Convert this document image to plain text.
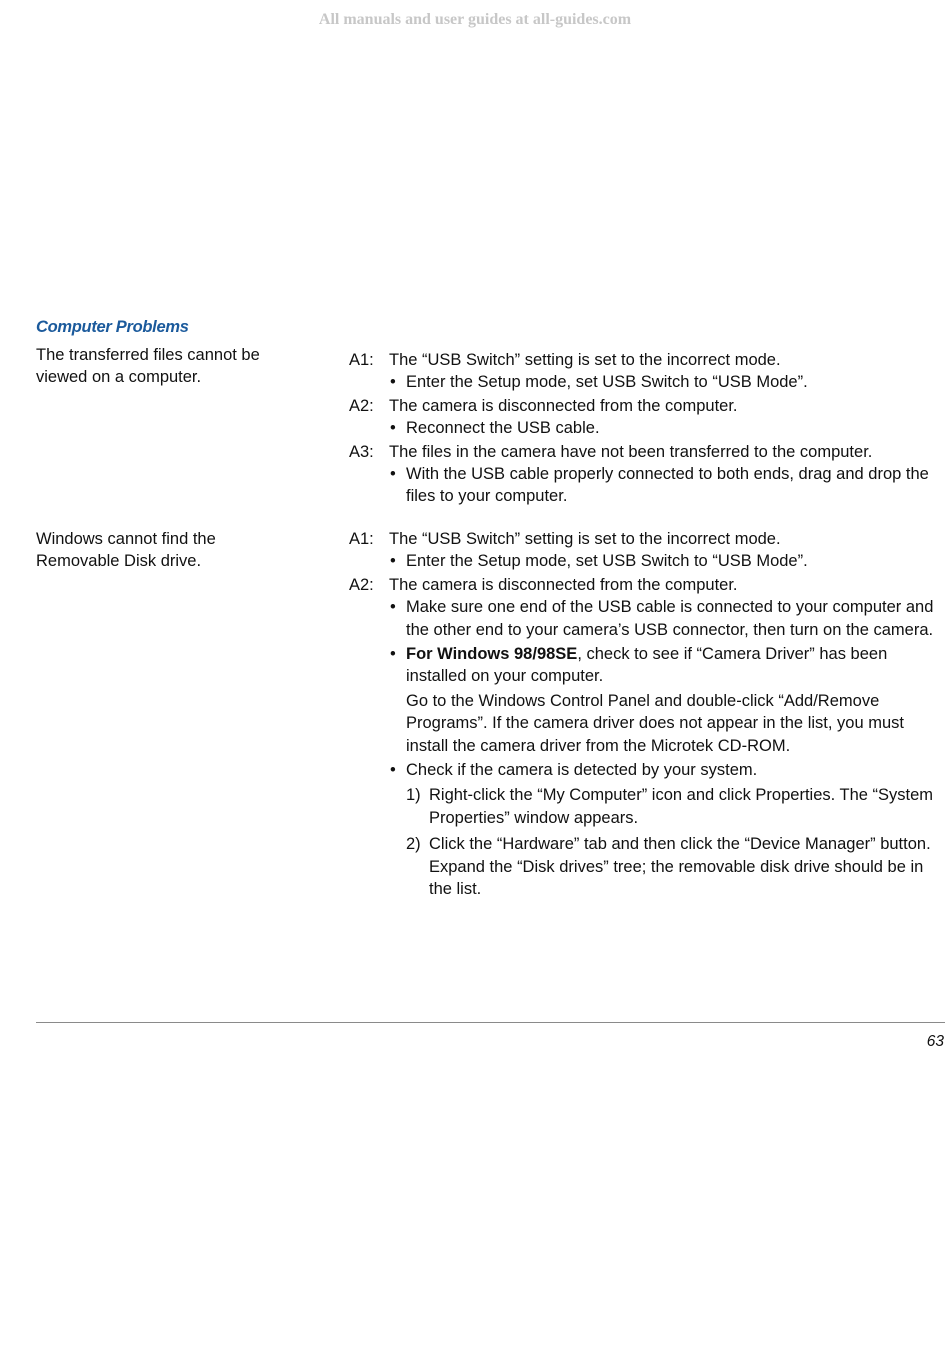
All manuals and user guides at all-guides.com
Computer Problems
The transferred files cannot be
viewed on a computer.
A1: The “USB Switch” setting is set to the incorrect mode.
• Enter the Setup mode, set USB Switch to “USB Mode”.
A2: The camera is disconnected from the computer.
• Reconnect the USB cable.
A3: The files in the camera have not been transferred to the computer.
• With the USB cable properly connected to both ends, drag and drop the files to your computer.
Windows cannot find the
Removable Disk drive.
A1: The “USB Switch” setting is set to the incorrect mode.
• Enter the Setup mode, set USB Switch to “USB Mode”.
A2: The camera is disconnected from the computer.
• Make sure one end of the USB cable is connected to your computer and the other end to your camera’s USB connector, then turn on the camera.
• For Windows 98/98SE, check to see if “Camera Driver” has been installed on your computer.
Go to the Windows Control Panel and double-click “Add/Remove Programs”. If the camera driver does not appear in the list, you must install the camera driver from the Microtek CD-ROM.
• Check if the camera is detected by your system.
1) Right-click the “My Computer” icon and click Properties. The “System Properties” window appears.
2) Click the “Hardware” tab and then click the “Device Manager” button. Expand the “Disk drives” tree; the removable disk drive should be in the list.
63
